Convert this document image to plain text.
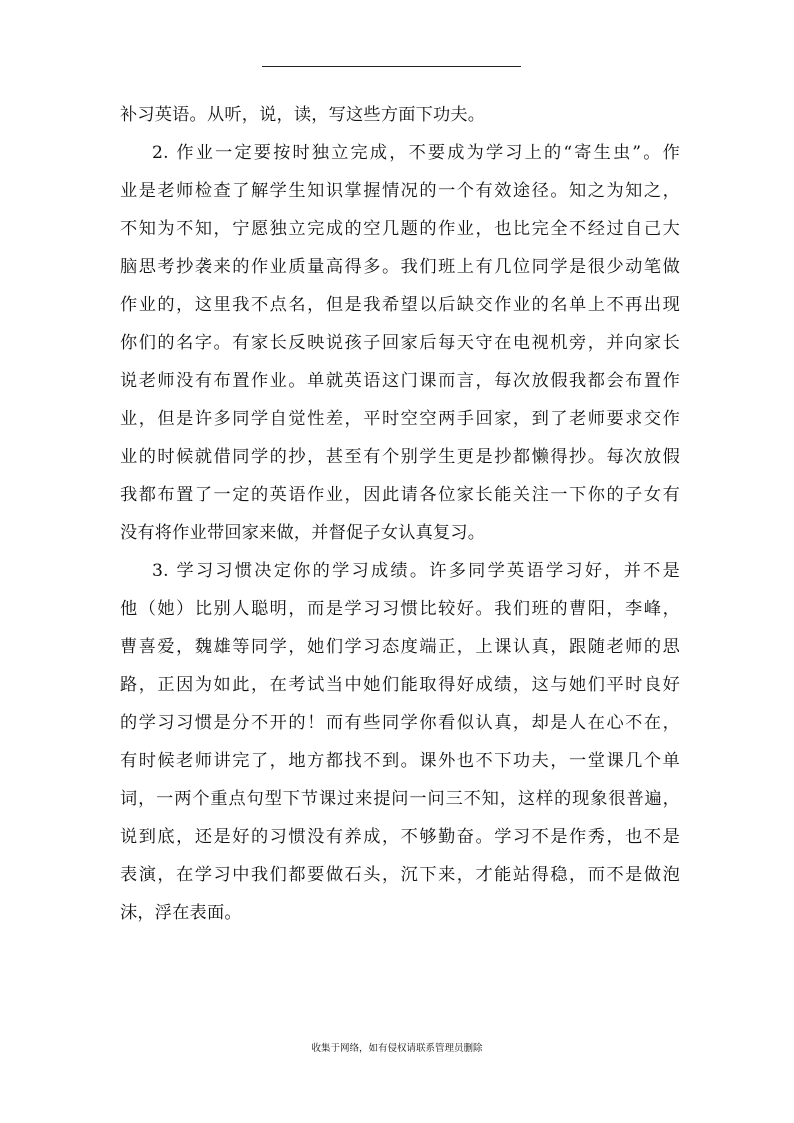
补习英语。从听，说，读，写这些方面下功夫。
2. 作业一定要按时独立完成，不要成为学习上的“寄生虫”。作
业是老师检查了解学生知识掌握情况的一个有效途径。知之为知之，
不知为不知，宁愿独立完成的空几题的作业，也比完全不经过自己大
脑思考抄袭来的作业质量高得多。我们班上有几位同学是很少动笔做
作业的，这里我不点名，但是我希望以后缺交作业的名单上不再出现
你们的名字。有家长反映说孩子回家后每天守在电视机旁，并向家长
说老师没有布置作业。单就英语这门课而言，每次放假我都会布置作
业，但是许多同学自觉性差，平时空空两手回家，到了老师要求交作
业的时候就借同学的抄，甚至有个别学生更是抄都懒得抄。每次放假
我都布置了一定的英语作业，因此请各位家长能关注一下你的子女有
没有将作业带回家来做，并督促子女认真复习。
3. 学习习惯决定你的学习成绩。许多同学英语学习好，并不是
他（她）比别人聪明，而是学习习惯比较好。我们班的曹阳，李峰，
曹喜爱，魏雄等同学，她们学习态度端正，上课认真，跟随老师的思
路，正因为如此，在考试当中她们能取得好成绩，这与她们平时良好
的学习习惯是分不开的！而有些同学你看似认真，却是人在心不在，
有时候老师讲完了，地方都找不到。课外也不下功夫，一堂课几个单
词，一两个重点句型下节课过来提问一问三不知，这样的现象很普遍，
说到底，还是好的习惯没有养成，不够勤奋。学习不是作秀，也不是
表演，在学习中我们都要做石头，沉下来，才能站得稳，而不是做泡
沫，浮在表面。
收集于网络，如有侵权请联系管理员删除
